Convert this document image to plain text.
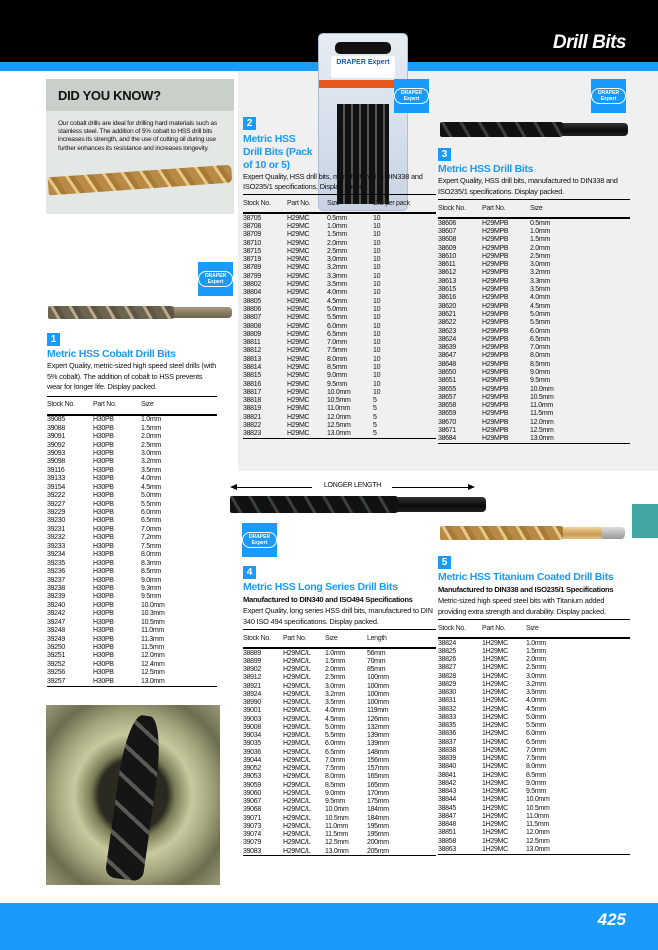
Drill Bits
DID YOU KNOW?
Our cobalt drills are ideal for drilling hard materials such as stainless steel. The addition of 5% cobalt to HSS drill bits increases its strength, and the use of cutting oil during use further enhances its resistance and increases longevity.
DRAPER Expert
DRAPER Expert
DRAPER Expert
DRAPER Expert
DRAPER Expert
LONGER LENGTH
1
Metric HSS Cobalt Drill Bits
Expert Quality, metric-sized high speed steel drills (with 5% cobalt). The addition of cobalt to HSS prevents wear for longer life. Display packed.
Stock No.	Part No.	Size
39085	H30PB	1.0mm
39088	H30PB	1.5mm
39091	H30PB	2.0mm
39092	H30PB	2.5mm
39093	H30PB	3.0mm
39098	H30PB	3.2mm
39116	H30PB	3.5mm
39133	H30PB	4.0mm
39154	H30PB	4.5mm
39222	H30PB	5.0mm
39227	H30PB	5.5mm
39229	H30PB	6.0mm
39230	H30PB	6.5mm
39231	H30PB	7.0mm
39232	H30PB	7.2mm
39233	H30PB	7.5mm
39234	H30PB	8.0mm
39235	H30PB	8.3mm
39236	H30PB	8.5mm
39237	H30PB	9.0mm
39238	H30PB	9.3mm
39239	H30PB	9.5mm
39240	H30PB	10.0mm
39242	H30PB	10.3mm
39247	H30PB	10.5mm
39248	H30PB	11.0mm
39249	H30PB	11.3mm
39250	H30PB	11.5mm
39251	H30PB	12.0mm
39252	H30PB	12.4mm
39256	H30PB	12.5mm
39257	H30PB	13.0mm
2
Metric HSS Drill Bits (Pack of 10 or 5)
Expert Quality, HSS drill bits, manufactured to DIN338 and ISO235/1 specifications. Display packed.
Stock No.	Part No.	Size	Drill per pack
38705	H29MC	0.5mm	10
38708	H29MC	1.0mm	10
38709	H29MC	1.5mm	10
38710	H29MC	2.0mm	10
38715	H29MC	2.5mm	10
38719	H29MC	3.0mm	10
38789	H29MC	3.2mm	10
38799	H29MC	3.3mm	10
38802	H29MC	3.5mm	10
38804	H29MC	4.0mm	10
38805	H29MC	4.5mm	10
38806	H29MC	5.0mm	10
38807	H29MC	5.5mm	10
38808	H29MC	6.0mm	10
38809	H29MC	6.5mm	10
38811	H29MC	7.0mm	10
38812	H29MC	7.5mm	10
38813	H29MC	8.0mm	10
38814	H29MC	8.5mm	10
38815	H29MC	9.0mm	10
38816	H29MC	9.5mm	10
38817	H29MC	10.0mm	10
38818	H29MC	10.5mm	5
38819	H29MC	11.0mm	5
38821	H29MC	12.0mm	5
38822	H29MC	12.5mm	5
38823	H29MC	13.0mm	5
3
Metric HSS Drill Bits
Expert Quality, HSS drill bits, manufactured to DIN338 and ISO235/1 specifications. Display packed.
Stock No.	Part No.	Size
38606	H29MPB	0.5mm
38607	H29MPB	1.0mm
38608	H29MPB	1.5mm
38609	H29MPB	2.0mm
38610	H29MPB	2.5mm
38611	H29MPB	3.0mm
38612	H29MPB	3.2mm
38613	H29MPB	3.3mm
38615	H29MPB	3.5mm
38616	H29MPB	4.0mm
38620	H29MPB	4.5mm
38621	H29MPB	5.0mm
38622	H29MPB	5.5mm
38623	H29MPB	6.0mm
38624	H29MPB	6.5mm
38639	H29MPB	7.0mm
38647	H29MPB	8.0mm
38648	H29MPB	8.5mm
38650	H29MPB	9.0mm
38651	H29MPB	9.5mm
38655	H29MPB	10.0mm
38657	H29MPB	10.5mm
38658	H29MPB	11.0mm
38659	H29MPB	11.5mm
38670	H29MPB	12.0mm
38671	H29MPB	12.5mm
38684	H29MPB	13.0mm
4
Metric HSS Long Series Drill Bits
Manufactured to DIN340 and ISO494 Specifications
Expert Quality, long series HSS drill bits, manufactured to DIN 340 ISO 494 specifications. Display packed.
Stock No.	Part No.	Size	Length
38889	H29MC/L	1.0mm	56mm
38899	H29MC/L	1.5mm	70mm
38902	H29MC/L	2.0mm	85mm
38912	H29MC/L	2.5mm	100mm
38921	H29MC/L	3.0mm	100mm
38924	H29MC/L	3.2mm	100mm
38990	H29MC/L	3.5mm	100mm
39001	H29MC/L	4.0mm	119mm
39003	H29MC/L	4.5mm	126mm
39008	H29MC/L	5.0mm	132mm
39034	H29MC/L	5.5mm	139mm
39035	H29MC/L	6.0mm	139mm
39036	H29MC/L	6.5mm	148mm
39044	H29MC/L	7.0mm	156mm
39052	H29MC/L	7.5mm	157mm
39053	H29MC/L	8.0mm	165mm
39059	H29MC/L	8.5mm	165mm
39060	H29MC/L	9.0mm	170mm
39067	H29MC/L	9.5mm	175mm
39068	H29MC/L	10.0mm	184mm
39071	H29MC/L	10.5mm	184mm
39073	H29MC/L	11.0mm	195mm
39074	H29MC/L	11.5mm	195mm
39079	H29MC/L	12.5mm	200mm
39083	H29MC/L	13.0mm	205mm
5
Metric HSS Titanium Coated Drill Bits
Manufactured to DIN338 and ISO235/1 Specifications
Metric-sized high speed steel bits with Titanium added providing extra strength and durability. Display packed.
Stock No.	Part No.	Size
38824	1H29MC	1.0mm
38825	1H29MC	1.5mm
38826	1H29MC	2.0mm
38827	1H29MC	2.5mm
38828	1H29MC	3.0mm
38829	1H29MC	3.2mm
38830	1H29MC	3.5mm
38831	1H29MC	4.0mm
38832	1H29MC	4.5mm
38833	1H29MC	5.0mm
38835	1H29MC	5.5mm
38836	1H29MC	6.0mm
38837	1H29MC	6.5mm
38838	1H29MC	7.0mm
38839	1H29MC	7.5mm
38840	1H29MC	8.0mm
38841	1H29MC	8.5mm
38842	1H29MC	9.0mm
38843	1H29MC	9.5mm
38844	1H29MC	10.0mm
38845	1H29MC	10.5mm
38847	1H29MC	11.0mm
38848	1H29MC	11.5mm
38851	1H29MC	12.0mm
38858	1H29MC	12.5mm
38863	1H29MC	13.0mm
425
